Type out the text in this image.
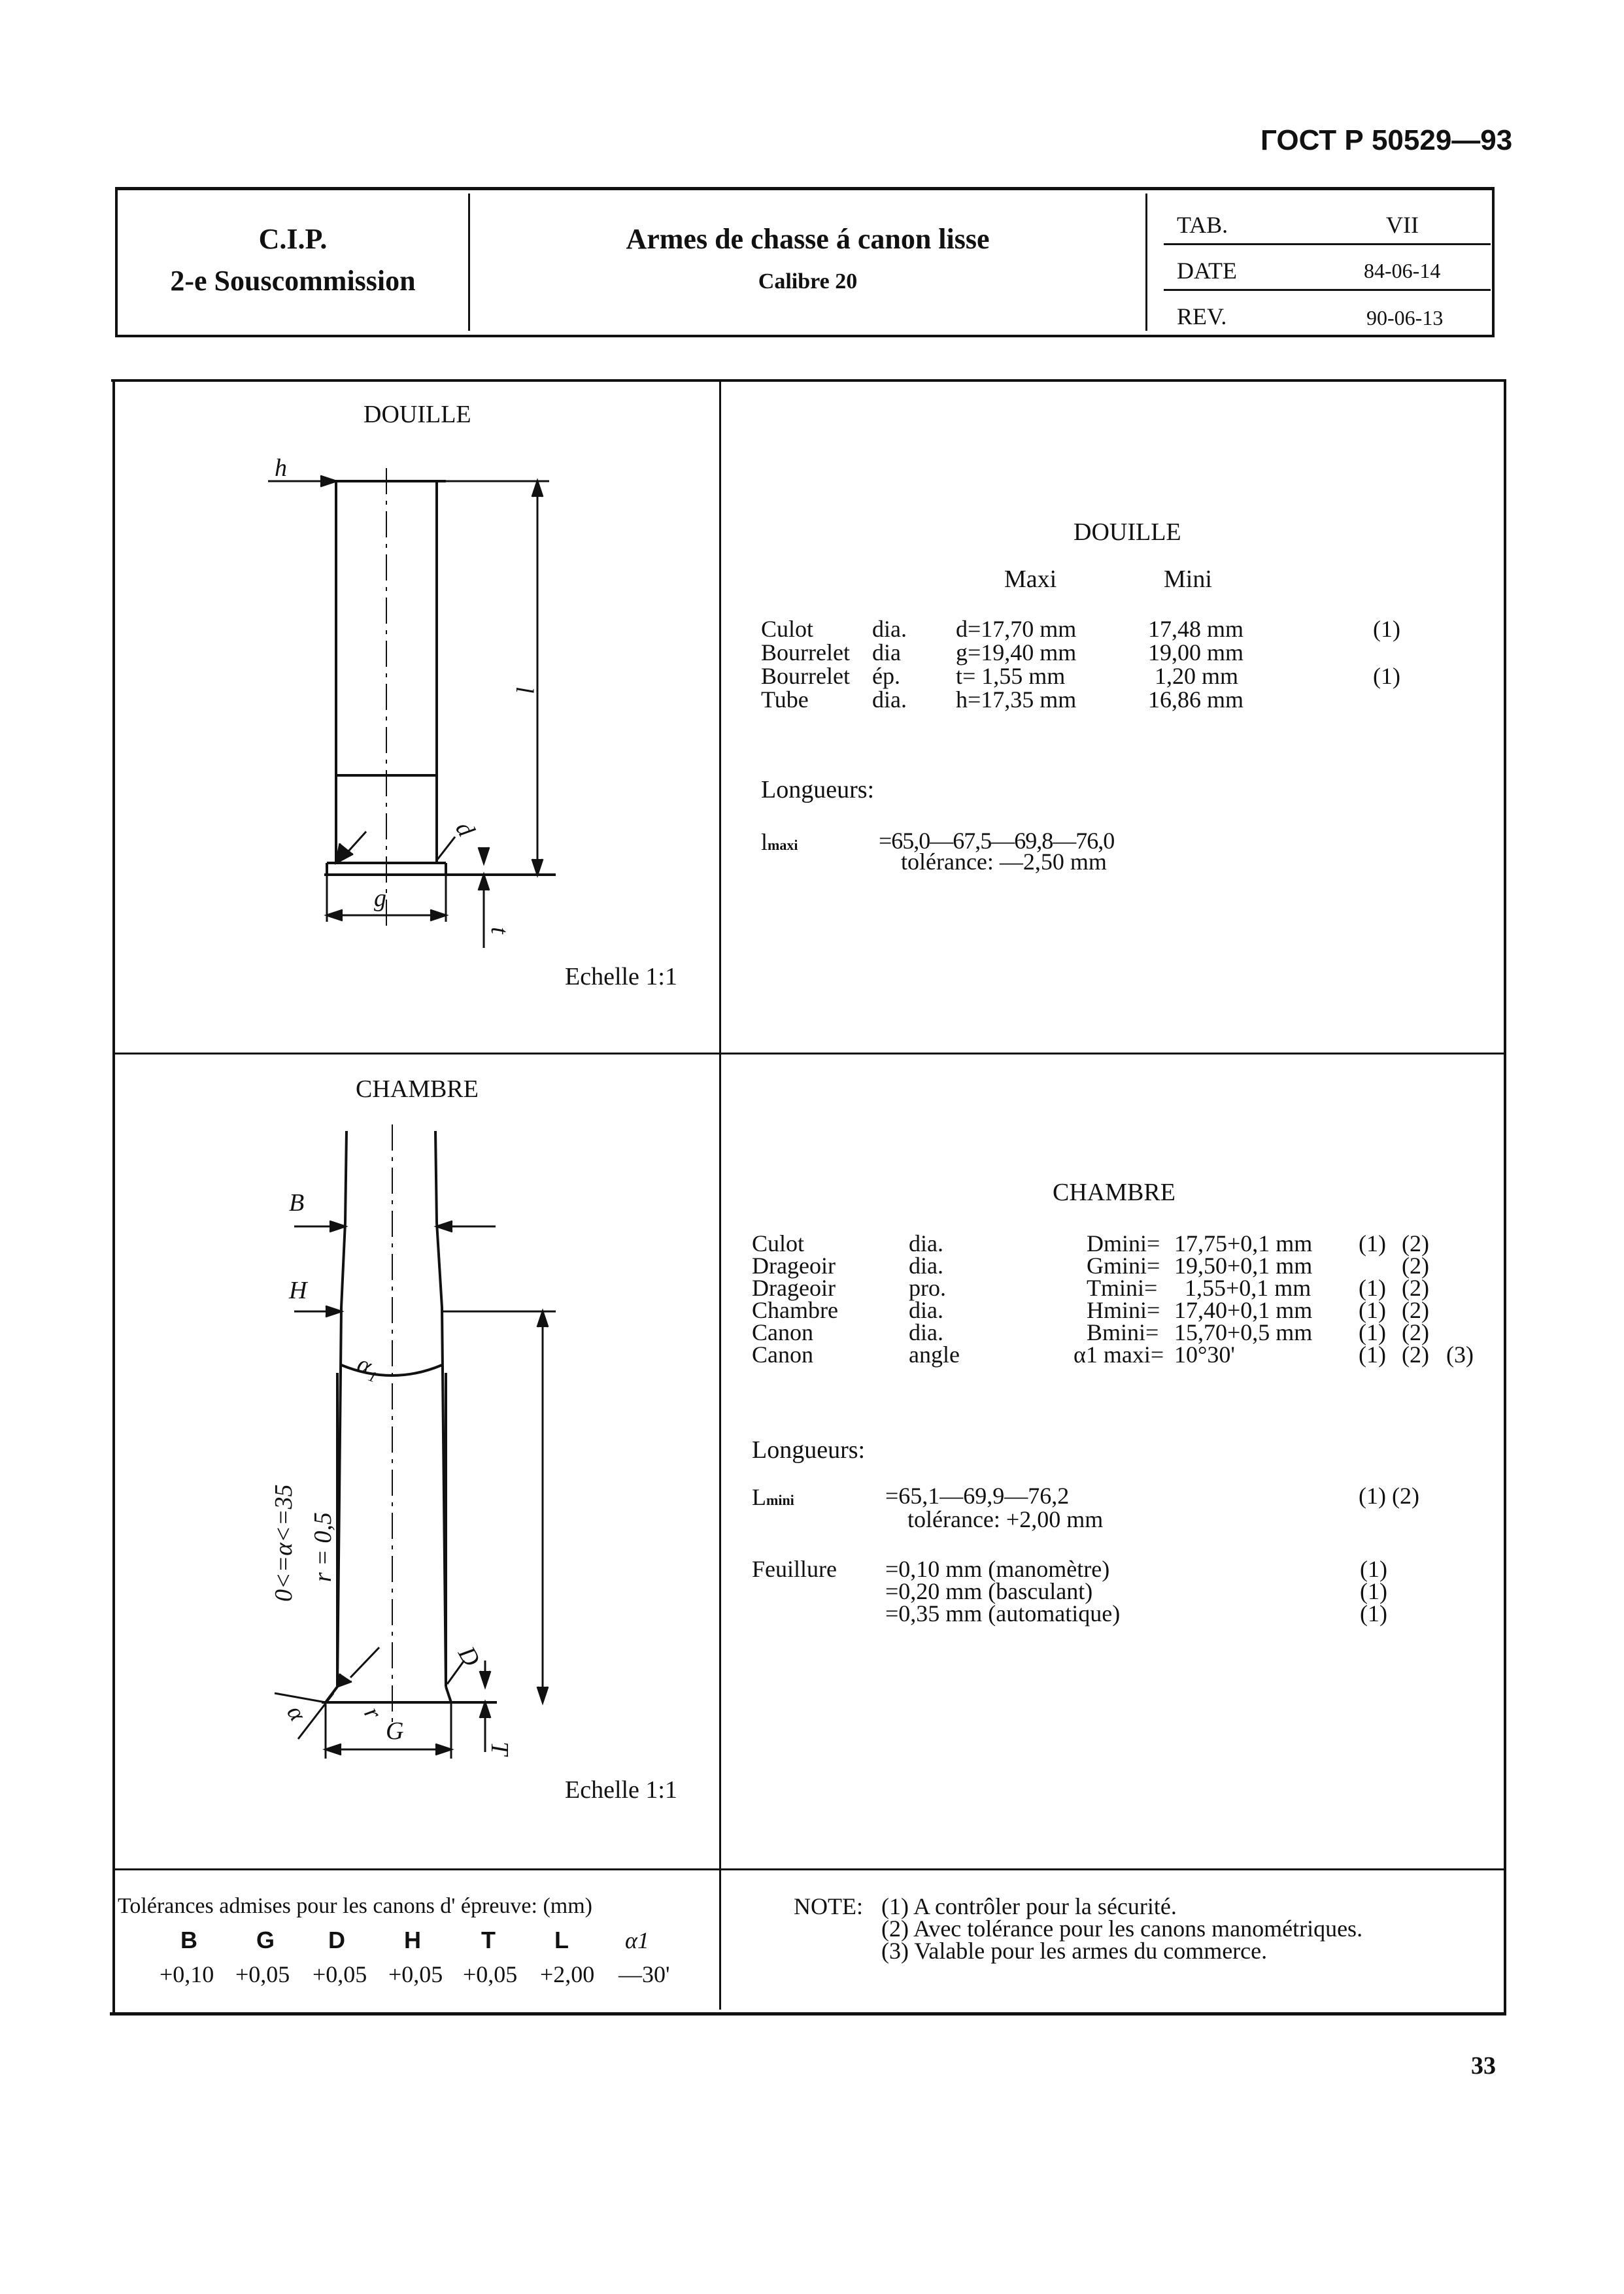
ГОСТ Р 50529—93
C.I.P.
2-e Souscommission
Armes de chasse á canon lisse
Calibre 20
TAB.	VII
DATE	84-06-14
REV.	90-06-13
DOUILLE
h
l
d
g
t
Echelle 1:1
DOUILLE
Maxi	Mini
Culot dia. d=17,70 mm	17,48 mm	(1)
Bourrelet dia g=19,40 mm	19,00 mm
Bourrelet ép. t= 1,55 mm	1,20 mm	(1)
Tube	dia. h=17,35 mm	16,86 mm
Longueurs:
lmaxi	=65,0—67,5—69,8—76,0
tolérance: —2,50 mm
CHAMBRE
B
H
α₁
D
G
T
r
α
0<=α<=35 r = 0,5
Echelle 1:1
CHAMBRE
Culot	dia.	Dmini= 17,75+0,1 mm (1) (2)
Drageoir	dia.	Gmini= 19,50+0,1 mm	(2)
Drageoir	pro.	Tmini= 1,55+0,1 mm (1) (2)
Chambre	dia.	Hmini= 17,40+0,1 mm (1) (2)
Canon	dia.	Bmini= 15,70+0,5 mm (1) (2)
Canon	angle	α1 maxi= 10°30'	(1) (2) (3)
Longueurs:
Lmini	=65,1—69,9—76,2	(1) (2)
tolérance: +2,00 mm
Feuillure =0,10 mm (manomètre)	(1)
=0,20 mm (basculant)	(1)
=0,35 mm (automatique)	(1)
Tolérances admises pour les canons d' épreuve: (mm)
B	G D	H	T	L α1
+0,10 +0,05 +0,05 +0,05 +0,05 +2,00 —30'
NOTE: (1) A contrôler pour la sécurité.
(2) Avec tolérance pour les canons manométriques.
(3) Valable pour les armes du commerce.
33
